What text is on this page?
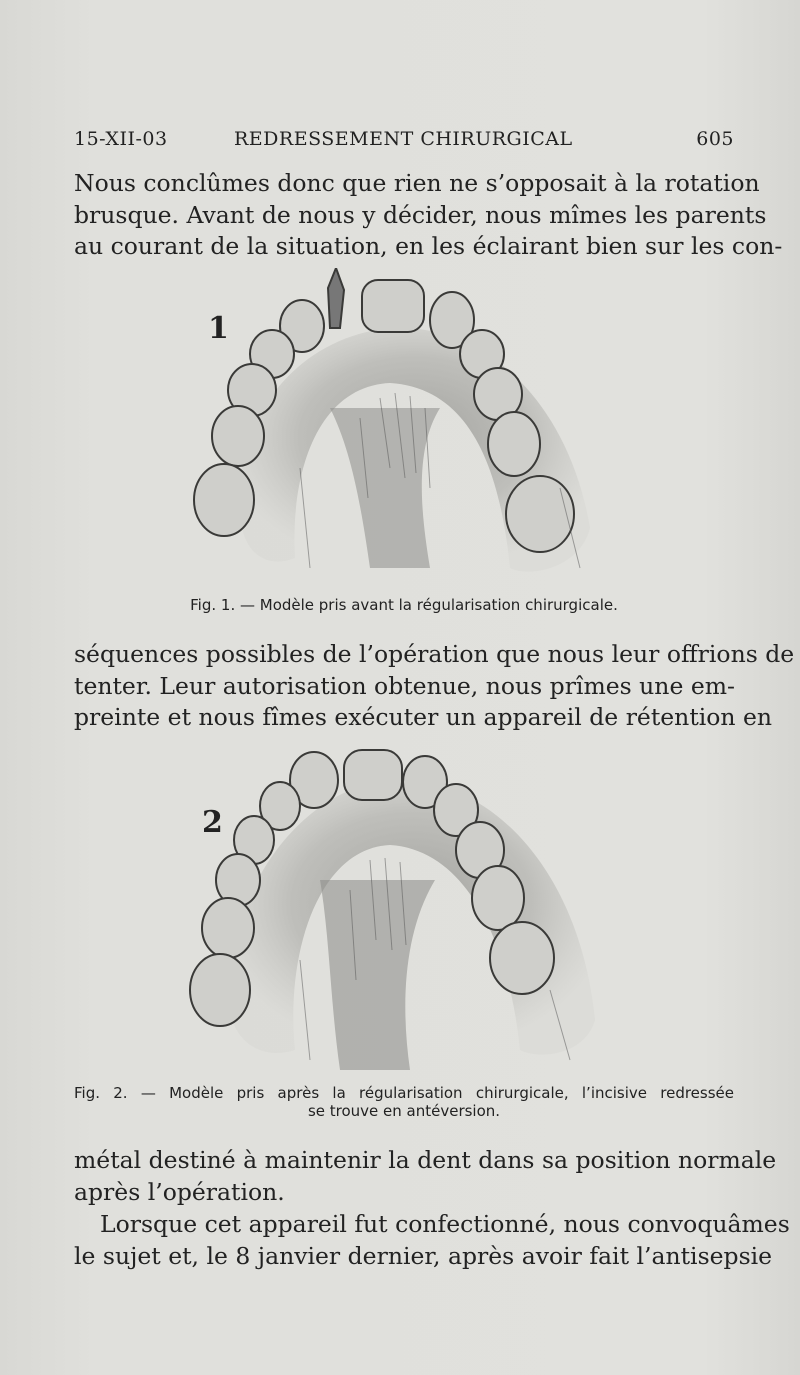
15-XII-03	REDRESSEMENT CHIRURGICAL	605

Nous conclûmes donc que rien ne s’opposait à la rotation
brusque. Avant de nous y décider, nous mîmes les parents
au courant de la situation, en les éclairant bien sur les con-

1
Fig. 1. — Modèle pris avant la régularisation chirurgicale.

séquences possibles de l’opération que nous leur offrions de
tenter. Leur autorisation obtenue, nous prîmes une em-
preinte et nous fîmes exécuter un appareil de rétention en

2
Fig. 2. — Modèle pris après la régularisation chirurgicale, l’incisive redressée
se trouve en antéversion.

métal destiné à maintenir la dent dans sa position normale
après l’opération.

Lorsque cet appareil fut confectionné, nous convoquâmes
le sujet et, le 8 janvier dernier, après avoir fait l’antisepsie
